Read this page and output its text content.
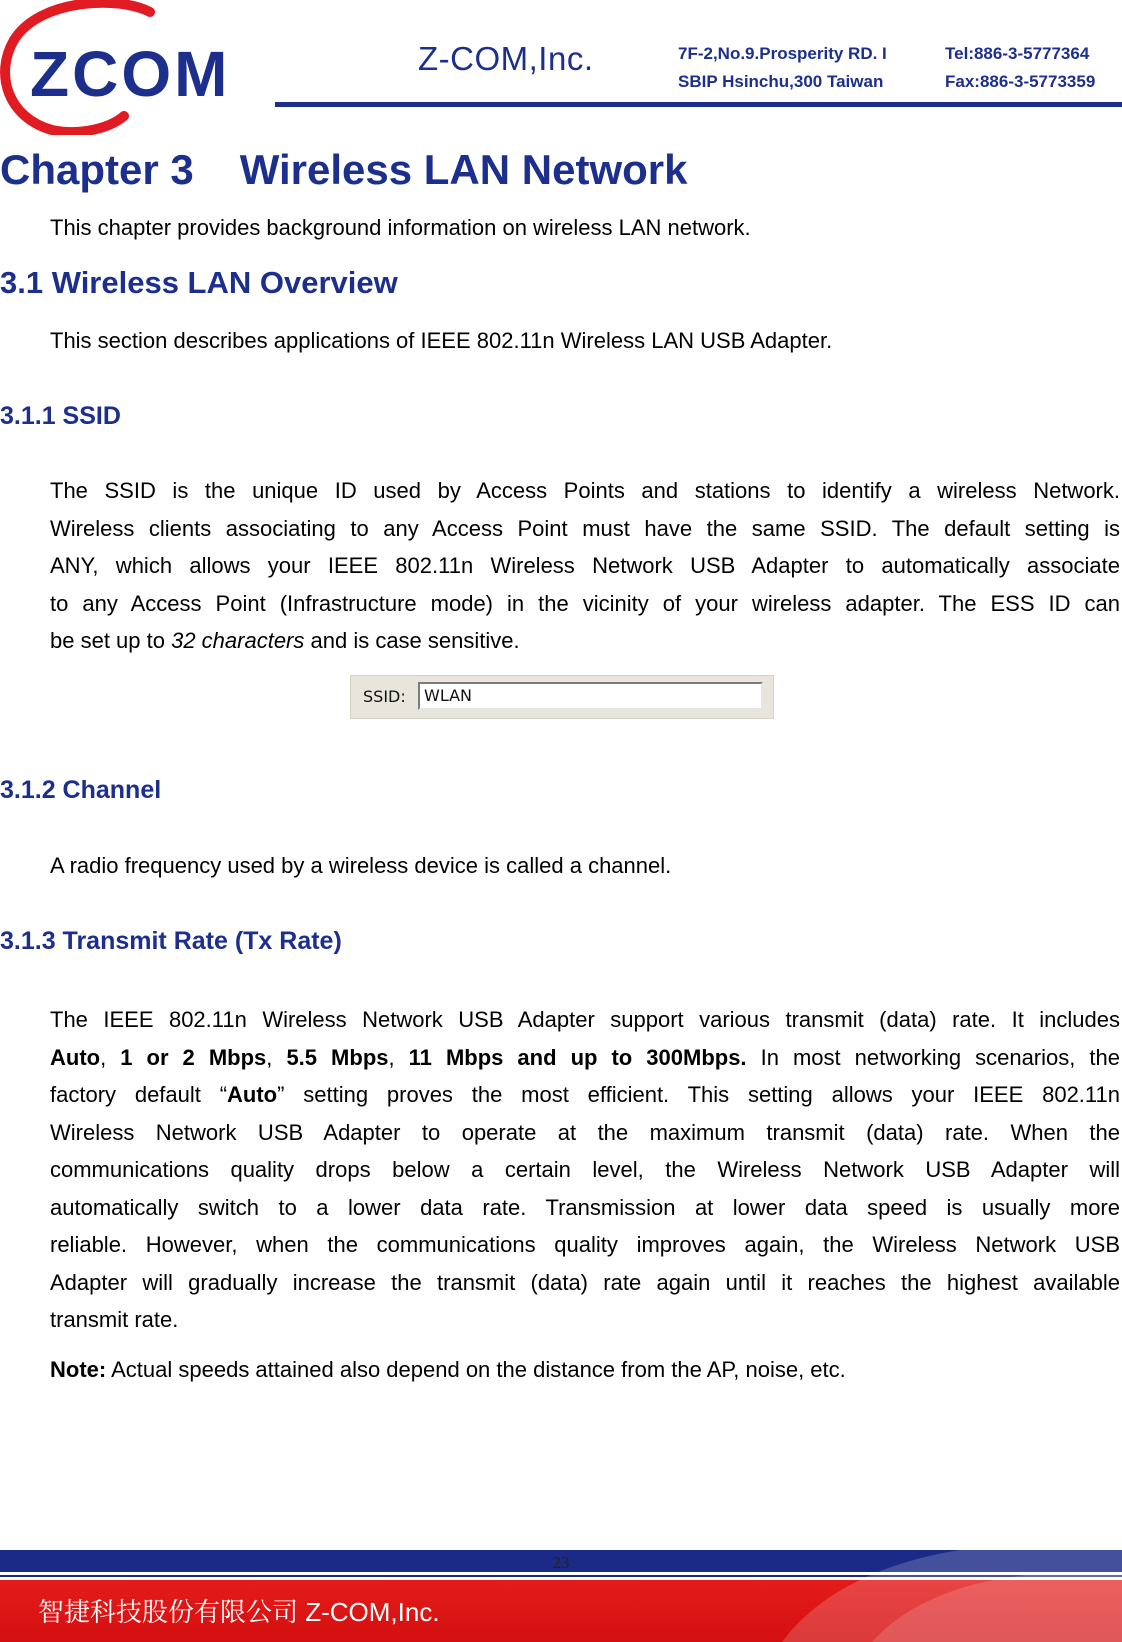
ZCOM	Z-COM,Inc.	7F-2,No.9.Prosperity RD. I
SBIP Hsinchu,300 Taiwan
Tel:886-3-5777364
Fax:886-3-5773359
Chapter 3 Wireless LAN Network

This chapter provides background information on wireless LAN network.

3.1 Wireless LAN Overview

This section describes applications of IEEE 802.11n Wireless LAN USB Adapter.

3.1.1 SSID

The SSID is the unique ID used by Access Points and stations to identify a wireless Network.

Wireless clients associating to any Access Point must have the same SSID. The default setting is

ANY, which allows your IEEE 802.11n Wireless Network USB Adapter to automatically associate

to any Access Point (Infrastructure mode) in the vicinity of your wireless adapter. The ESS ID can

be set up to 32 characters and is case sensitive.

SSID:	WLAN
3.1.2 Channel

A radio frequency used by a wireless device is called a channel.

3.1.3 Transmit Rate (Tx Rate)

The IEEE 802.11n Wireless Network USB Adapter support various transmit (data) rate. It includes

Auto, 1 or 2 Mbps, 5.5 Mbps, 11 Mbps and up to 300Mbps. In most networking scenarios, the

factory default “Auto” setting proves the most efficient. This setting allows your IEEE 802.11n

Wireless Network USB Adapter to operate at the maximum transmit (data) rate. When the

communications quality drops below a certain level, the Wireless Network USB Adapter will

automatically switch to a lower data rate. Transmission at lower data speed is usually more

reliable. However, when the communications quality improves again, the Wireless Network USB

Adapter will gradually increase the transmit (data) rate again until it reaches the highest available

transmit rate.

Note: Actual speeds attained also depend on the distance from the AP, noise, etc.

23
智捷科技股份有限公司 Z-COM,Inc.
